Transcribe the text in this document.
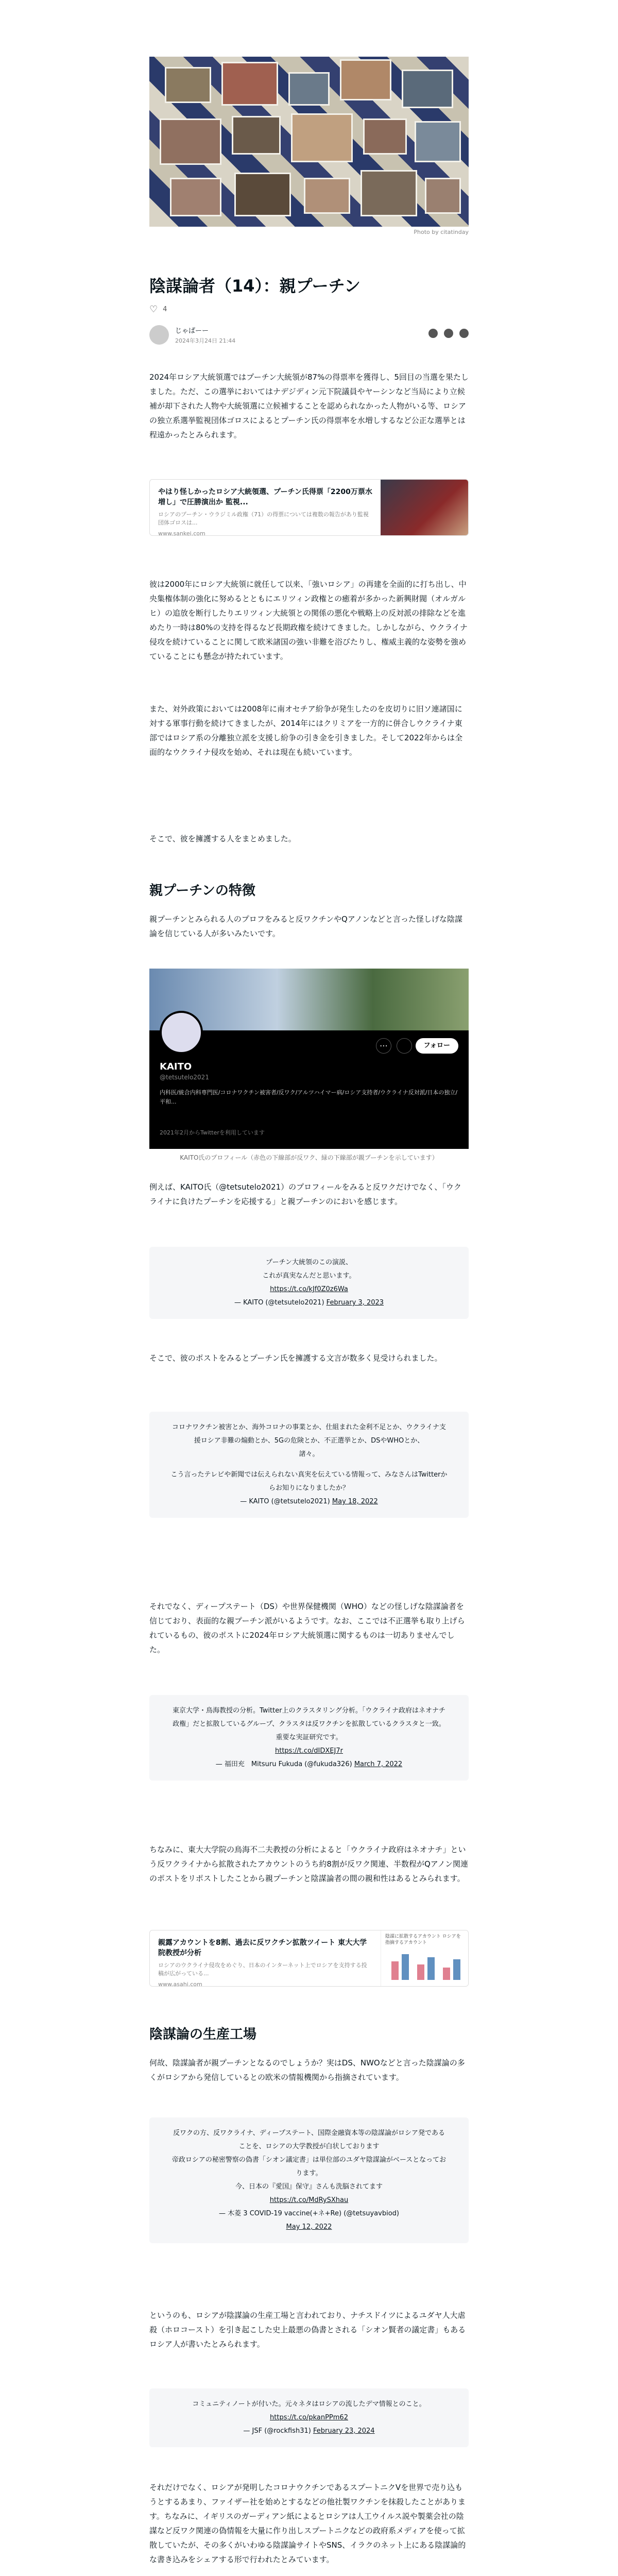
Photo by citatinday
陰謀論者（14）：親プーチン
♡ 4
じゃぱーー
2024年3月24日 21:44
2024年ロシア大統領選ではプーチン大統領が87%の得票率を獲得し、5回目の当選を果たしました。ただ、この選挙においてはナデジディン元下院議員やヤーシンなど当局により立候補が却下された人物や大統領選に立候補することを認められなかった人物がいる等、ロシアの独立系選挙監視団体ゴロスによるとプーチン氏の得票率を水増しするなど公正な選挙とは程遠かったとみられます。
やはり怪しかったロシア大統領選、プーチン氏得票「2200万票水増し」で圧勝演出か 監視...
ロシアのプーチン・ウラジミル政権（71）の得票については複数の報告があり監視団体ゴロスは...
www.sankei.com
彼は2000年にロシア大統領に就任して以来、「強いロシア」の再建を全面的に打ち出し、中央集権体制の強化に努めるとともにエリツィン政権との癒着が多かった新興財閥（オルガルヒ）の追放を断行したりエリツィン大統領との関係の悪化や戦略上の反対派の排除などを進めたり一時は80%の支持を得るなど長期政権を続けてきました。しかしながら、ウクライナ侵攻を続けていることに関して欧米諸国の強い非難を浴びたりし、権威主義的な姿勢を強めていることにも懸念が持たれています。
また、対外政策においては2008年に南オセチア紛争が発生したのを皮切りに旧ソ連諸国に対する軍事行動を続けてきましたが、2014年にはクリミアを一方的に併合しウクライナ東部ではロシア系の分離独立派を支援し紛争の引き金を引きました。そして2022年からは全面的なウクライナ侵攻を始め、それは現在も続いています。
そこで、彼を擁護する人をまとめました。
親プーチンの特徴
親プーチンとみられる人のプロフをみると反ワクチンやQアノンなどと言った怪しげな陰謀論を信じている人が多いみたいです。
⋯	フォロー
KAITO
@tetsutelo2021
内科医/統合内科専門医/コロナワクチン被害者/反ワク/アルツハイマー病/ロシア支持者/ウクライナ反対派/日本の独立/平和...
2021年2月からTwitterを利用しています
KAITO氏のプロフィール（赤色の下線部が反ワク、緑の下線部が親プーチンを示しています）
例えば、KAITO氏（@tetsutelo2021）のプロフィールをみると反ワクだけでなく、「ウクライナに負けたプーチンを応援する」と親プーチンのにおいを感じます。
プーチン大統領のこの演説、
これが真実なんだと思います。
https://t.co/kJf0Z0z6Wa
— KAITO (@tetsutelo2021) February 3, 2023
そこで、彼のポストをみるとプーチン氏を擁護する文言が数多く見受けられました。
コロナワクチン被害とか、海外コロナの事業とか、仕組まれた金利不足とか、ウクライナ支援ロシア非難の煽動とか、5Gの危険とか、不正選挙とか、DSやWHOとか、
諸々。
こう言ったテレビや新聞では伝えられない真実を伝えている情報って、みなさんはTwitterからお知りになりましたか？
— KAITO (@tetsutelo2021) May 18, 2022
それでなく、ディープステート（DS）や世界保健機関（WHO）などの怪しげな陰謀論者を信じており、表面的な親プーチン派がいるようです。なお、ここでは不正選挙も取り上げられているもの、彼のポストに2024年ロシア大統領選に関するものは一切ありませんでした。
東京大学・鳥海教授の分析。Twitter上のクラスタリング分析。「ウクライナ政府はネオナチ政権」だと拡散しているグループ、クラスタは反ワクチンを拡散しているクラスタと一致。重要な実証研究です。
https://t.co/dIDXEJ7r
— 福田充　Mitsuru Fukuda (@fukuda326) March 7, 2022
ちなみに、東大大学院の鳥海不二夫教授の分析によると「ウクライナ政府はネオナチ」という反ワクライナから拡散されたアカウントのうち約8割が反ワク関連、半数程がQアノン関連のポストをリポストしたことから親プーチンと陰謀論者の間の親和性はあるとみられます。
親露アカウントを8割、過去に反ワクチン拡散ツイート 東大大学院教授が分析
ロシアのウクライナ侵攻をめぐり、日本のインターネット上でロシアを支持する投稿が広がっている...
www.asahi.com
陰謀に拡散するアカウント ロシアを指摘するアカウント
陰謀論の生産工場
何故、陰謀論者が親プーチンとなるのでしょうか？実はDS、NWOなどと言った陰謀論の多くがロシアから発信しているとの欧米の情報機関から指摘されています。
反ワクの方、反ワクライナ、ディープステート、国際金融資本等の陰謀論がロシア発であることを、ロシアの大学教授が白状しております
帝政ロシアの秘密警察の偽書「シオン議定書」は単位部のユダヤ陰謀論がベースとなっております。
今、日本の『愛国』保守』さんも洗脳されてます
https://t.co/MdRySXhau
— 木菱 3 COVID-19 vaccine(+ネ+Re) (@tetsuyavbiod)
May 12, 2022
というのも、ロシアが陰謀論の生産工場と言われており、ナチスドイツによるユダヤ人大虐殺（ホロコースト）を引き起こした史上最悪の偽書とされる「シオン賢者の議定書」もあるロシア人が書いたとみられます。
コミュニティノートが付いた。元々ネタはロシアの流したデマ情報とのこと。
https://t.co/pkanPPm62
— JSF (@rockfish31) February 23, 2024
それだけでなく、ロシアが発明したコロナウクチンであるスプートニクVを世界で売り込もうとするあまり、ファイザー社を始めとするなどの他社製ワクチンを抹殺したことがあります。ちなみに、イギリスのガーディアン紙によるとロシアは人工ウイルス説や製薬会社の陰謀など反ワク関連の偽情報を大量に作り出しスプートニクなどの政府系メディアを使って拡散していたが、その多くがいわゆる陰謀論サイトやSNS、イラクのネット上にある陰謀論的な書き込みをシェアする形で行われたとみています。
